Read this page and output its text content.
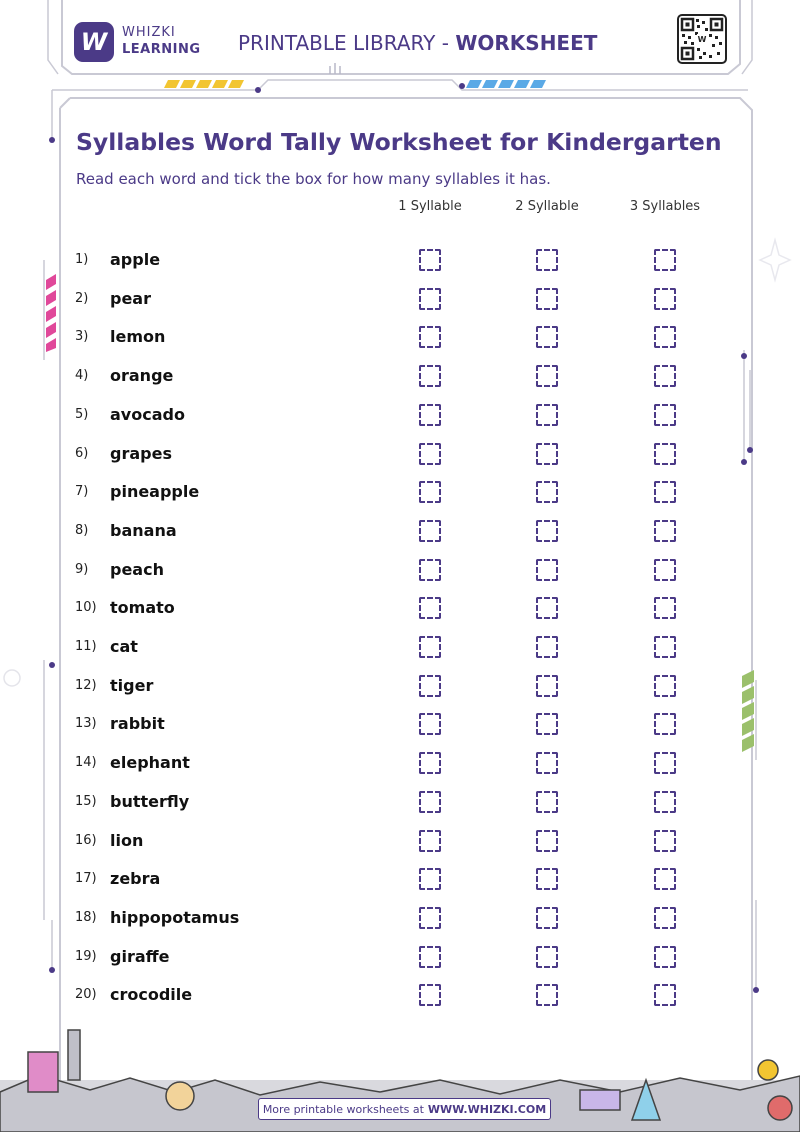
W WHIZKI
LEARNING PRINTABLE LIBRARY - WORKSHEET	W
Syllables Word Tally Worksheet for Kindergarten
Read each word and tick the box for how many syllables it has.
1 Syllable	2 Syllable	3 Syllables
1) apple
2) pear
3) lemon
4) orange
5) avocado
6) grapes
7) pineapple
8) banana
9) peach
10) tomato
11) cat
12) tiger
13) rabbit
14) elephant
15) butterfly
16) lion
17) zebra
18) hippopotamus
19) giraffe
20) crocodile
More printable worksheets at WWW.WHIZKI.COM
